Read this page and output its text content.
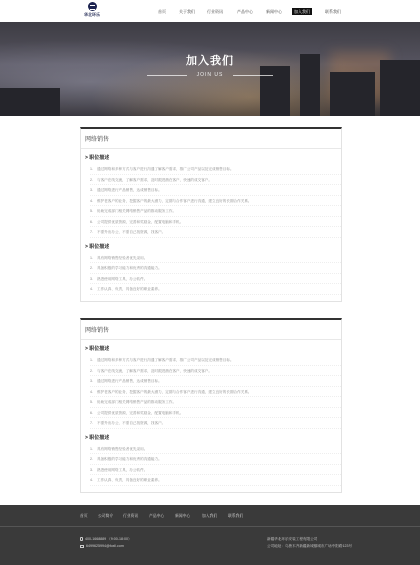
华北环乐
首页	关于我们	行业资讯	产品中心	新闻中心	加入我们	联系我们
加入我们
JOIN US
网络销售
> 职位描述
1. 通过网络和多种方式与客户进行沟通了解客户需求，推广公司产品以及完成销售目标。
2. 与客户在线交流，了解客户需求，及时跟进潜在客户，快速的成交客户。
3. 通过网络进行产品销售，达成销售目标。
4. 维护老客户的业务，挖掘客户的最大潜力，定期与合作客户进行沟通，建立良好的长期合作关系。
5. 协助完成部门相关网络销售产品的推动服务工作。
6. 公司提供优质资源，完善和奖励金，配置电脑和手机。
7. 不需外出办公，不需自己找资源，找客户。
> 职位描述
1. 具有网络销售经验者优先录用。
2. 具备积极的学习能力和优秀的沟通能力。
3. 熟悉使用网络工具，办公软件。
4. 工作认真、负责，具备良好的职业素养。
网络销售
> 职位描述
1. 通过网络和多种方式与客户进行沟通了解客户需求，推广公司产品以及完成销售目标。
2. 与客户在线交流，了解客户需求，及时跟进潜在客户，快速的成交客户。
3. 通过网络进行产品销售，达成销售目标。
4. 维护老客户的业务，挖掘客户的最大潜力，定期与合作客户进行沟通，建立良好的长期合作关系。
5. 协助完成部门相关网络销售产品的推动服务工作。
6. 公司提供优质资源，完善和奖励金，配置电脑和手机。
7. 不需外出办公，不需自己找资源，找客户。
> 职位描述
1. 具有网络销售经验者优先录用。
2. 具备积极的学习能力和优秀的沟通能力。
3. 熟悉使用网络工具，办公软件。
4. 工作认真、负责，具备良好的职业素养。
首页	公司简介	行业资讯	产品中心	新闻中心	加入我们	联系我们
400-1668889 （9:00-18:00）
6499625994@foxll.com
新疆华北环乐安装工程有限公司
公司地址：乌鲁木齐新疆新城镇城市广场中阳路123号
